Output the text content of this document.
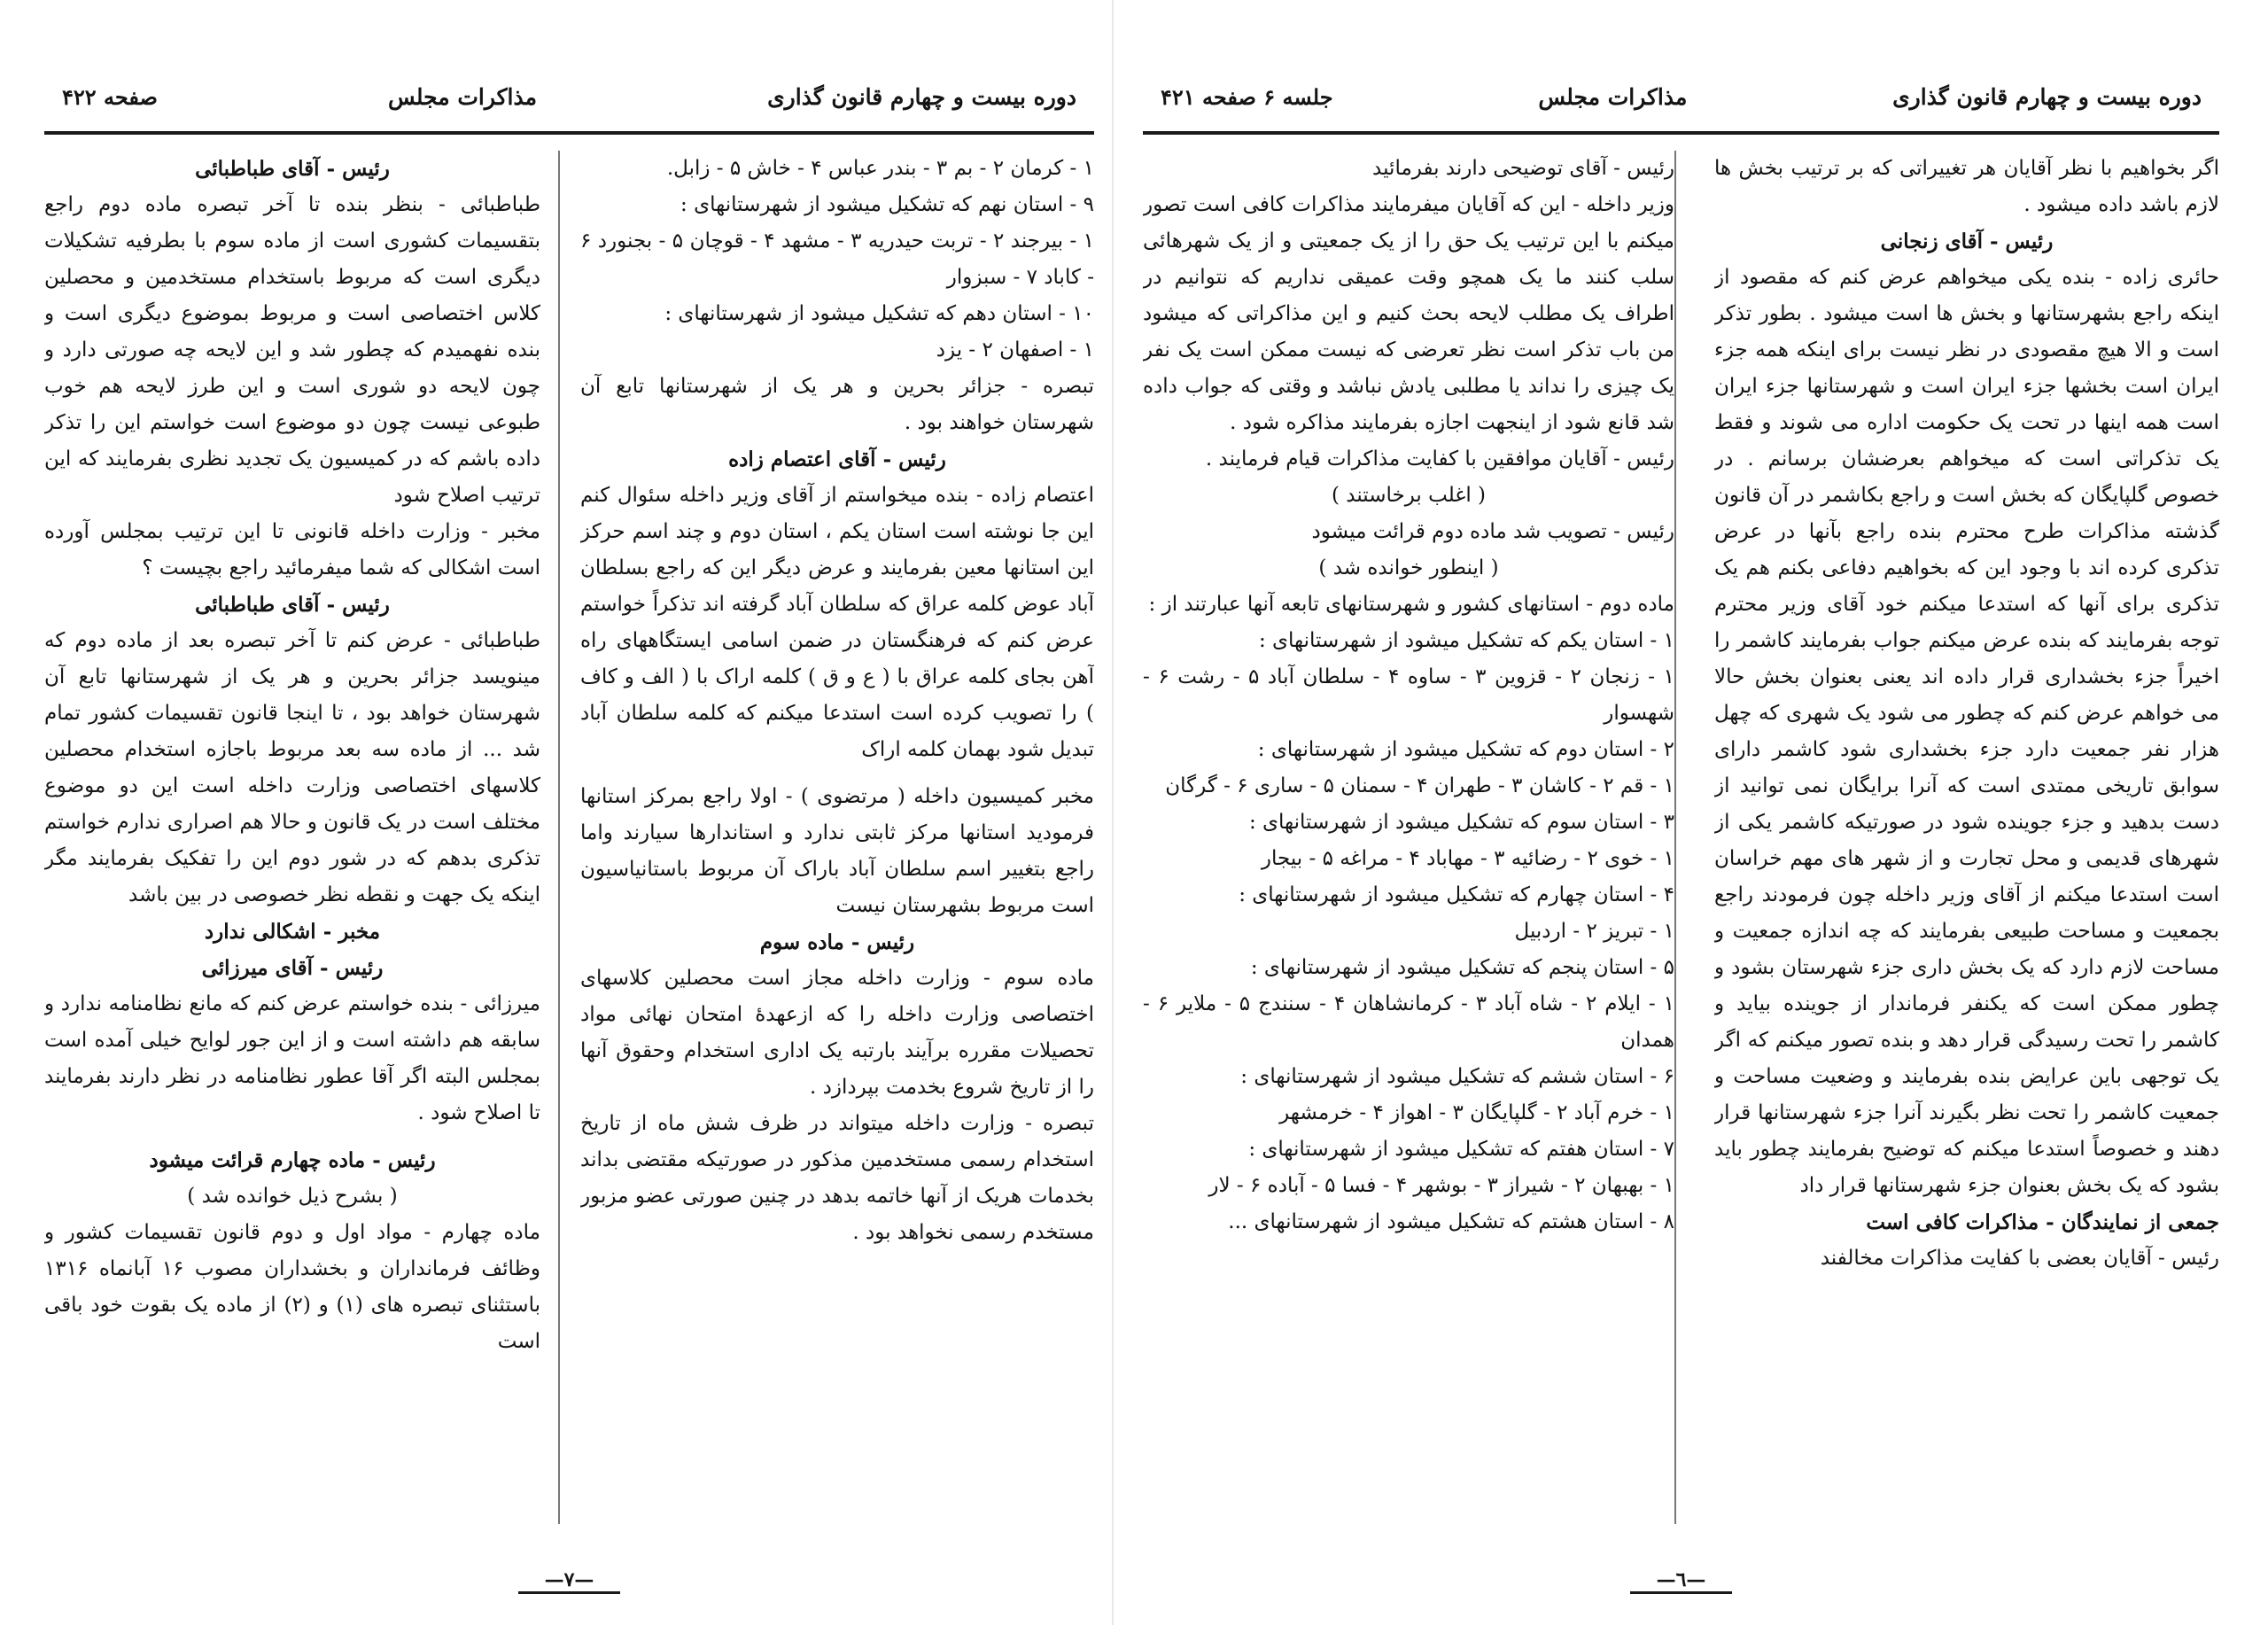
دوره بیست و چهارم قانون گذاری
مذاکرات مجلس
صفحه ۴۲۲

۱ - کرمان ۲ - بم ۳ - بندر عباس ۴ - خاش ۵ - زابل.

۹ - استان نهم که تشکیل میشود از شهرستانهای :

۱ - بیرجند ۲ - تربت حیدریه ۳ - مشهد ۴ - قوچان ۵ - بجنورد ۶ - کاباد ۷ - سبزوار

۱۰ - استان دهم که تشکیل میشود از شهرستانهای :

۱ - اصفهان ۲ - یزد

تبصره - جزائر بحرین و هر یک از شهرستانها تابع آن شهرستان خواهند بود .

رئیس - آقای اعتصام زاده

اعتصام زاده - بنده میخواستم از آقای وزیر داخله سئوال کنم این جا نوشته است استان یکم ، استان دوم و چند اسم حرکز این استانها معین بفرمایند و عرض دیگر این که راجع بسلطان آباد عوض کلمه عراق که سلطان آباد گرفته اند تذکراً خواستم عرض کنم که فرهنگستان در ضمن اسامی ایستگاههای راه آهن بجای کلمه عراق با ( ع و ق ) کلمه اراک با ( الف و کاف ) را تصویب کرده است استدعا میکنم که کلمه سلطان آباد تبدیل شود بهمان کلمه اراک

مخبر کمیسیون داخله ( مرتضوی ) - اولا راجع بمرکز استانها فرمودید استانها مرکز ثابتی ندارد و استاندارها سیارند واما راجع بتغییر اسم سلطان آباد باراک آن مربوط باستانیاسیون است مربوط بشهرستان نیست

رئیس - ماده سوم

ماده سوم - وزارت داخله مجاز است محصلین کلاسهای اختصاصی وزارت داخله را که ازعهدهٔ امتحان نهائی مواد تحصیلات مقرره برآیند بارتبه یک اداری استخدام وحقوق آنها را از تاریخ شروع بخدمت بپردازد .

تبصره - وزارت داخله میتواند در ظرف شش ماه از تاریخ استخدام رسمی مستخدمین مذکور در صورتیکه مقتضی بداند بخدمات هریک از آنها خاتمه بدهد در چنین صورتی عضو مزبور مستخدم رسمی نخواهد بود .

رئیس - آقای طباطبائی

طباطبائی - بنظر بنده تا آخر تبصره ماده دوم راجع بتقسیمات کشوری است از ماده سوم با بطرفیه تشکیلات دیگری است که مربوط باستخدام مستخدمین و محصلین کلاس اختصاصی است و مربوط بموضوع دیگری است و بنده نفهمیدم که چطور شد و این لایحه چه صورتی دارد و چون لایحه دو شوری است و این طرز لایحه هم خوب طبوعی نیست چون دو موضوع است خواستم این را تذکر داده باشم که در کمیسیون یک تجدید نظری بفرمایند که این ترتیب اصلاح شود

مخبر - وزارت داخله قانونی تا این ترتیب بمجلس آورده است اشکالی که شما میفرمائید راجع بچیست ؟

رئیس - آقای طباطبائی

طباطبائی - عرض کنم تا آخر تبصره بعد از ماده دوم که مینویسد جزائر بحرین و هر یک از شهرستانها تابع آن شهرستان خواهد بود ، تا اینجا قانون تقسیمات کشور تمام شد ... از ماده سه بعد مربوط باجازه استخدام محصلین کلاسهای اختصاصی وزارت داخله است این دو موضوع مختلف است در یک قانون و حالا هم اصراری ندارم خواستم تذکری بدهم که در شور دوم این را تفکیک بفرمایند مگر اینکه یک جهت و نقطه نظر خصوصی در بین باشد

مخبر - اشکالی ندارد

رئیس - آقای میرزائی

میرزائی - بنده خواستم عرض کنم که مانع نظامنامه ندارد و سابقه هم داشته است و از این جور لوایح خیلی آمده است بمجلس البته اگر آقا عطور نظامنامه در نظر دارند بفرمایند تا اصلاح شود .

رئیس - ماده چهارم قرائت میشود

( بشرح ذیل خوانده شد )

ماده چهارم - مواد اول و دوم قانون تقسیمات کشور و وظائف فرمانداران و بخشداران مصوب ۱۶ آبانماه ۱۳۱۶ باستثنای تبصره های (۱) و (۲) از ماده یک بقوت خود باقی است

—٧—
دوره بیست و چهارم قانون گذاری
مذاکرات مجلس
جلسه ۶ صفحه ۴۲۱

اگر بخواهیم با نظر آقایان هر تغییراتی که بر ترتیب بخش ها لازم باشد داده میشود .

رئیس - آقای زنجانی

حائری زاده - بنده یکی میخواهم عرض کنم که مقصود از اینکه راجع بشهرستانها و بخش ها است میشود . بطور تذکر است و الا هیچ مقصودی در نظر نیست برای اینکه همه جزء ایران است بخشها جزء ایران است و شهرستانها جزء ایران است همه اینها در تحت یک حکومت اداره می شوند و فقط یک تذکراتی است که میخواهم بعرضشان برسانم . در خصوص گلپایگان که بخش است و راجع بکاشمر در آن قانون گذشته مذاکرات طرح محترم بنده راجع بآنها در عرض تذکری کرده اند با وجود این که بخواهیم دفاعی بکنم هم یک تذکری برای آنها که استدعا میکنم خود آقای وزیر محترم توجه بفرمایند که بنده عرض میکنم جواب بفرمایند کاشمر را اخیراً جزء بخشداری قرار داده اند یعنی بعنوان بخش حالا می خواهم عرض کنم که چطور می شود یک شهری که چهل هزار نفر جمعیت دارد جزء بخشداری شود کاشمر دارای سوابق تاریخی ممتدی است که آنرا برایگان نمی توانید از دست بدهید و جزء جوینده شود در صورتیکه کاشمر یکی از شهرهای قدیمی و محل تجارت و از شهر های مهم خراسان است استدعا میکنم از آقای وزیر داخله چون فرمودند راجع بجمعیت و مساحت طبیعی بفرمایند که چه اندازه جمعیت و مساحت لازم دارد که یک بخش داری جزء شهرستان بشود و چطور ممکن است که یکنفر فرماندار از جوینده بیاید و کاشمر را تحت رسیدگی قرار دهد و بنده تصور میکنم که اگر یک توجهی باین عرایض بنده بفرمایند و وضعیت مساحت و جمعیت کاشمر را تحت نظر بگیرند آنرا جزء شهرستانها قرار دهند و خصوصاً استدعا میکنم که توضیح بفرمایند چطور باید بشود که یک بخش بعنوان جزء شهرستانها قرار داد

جمعی از نمایندگان - مذاکرات کافی است

رئیس - آقایان بعضی با کفایت مذاکرات مخالفند

رئیس - آقای توضیحی دارند بفرمائید

وزیر داخله - این که آقایان میفرمایند مذاکرات کافی است تصور میکنم با این ترتیب یک حق را از یک جمعیتی و از یک شهرهائی سلب کنند ما یک همچو وقت عمیقی نداریم که نتوانیم در اطراف یک مطلب لایحه بحث کنیم و این مذاکراتی که میشود من باب تذکر است نظر تعرضی که نیست ممکن است یک نفر یک چیزی را نداند یا مطلبی یادش نباشد و وقتی که جواب داده شد قانع شود از اینجهت اجازه بفرمایند مذاکره شود .

رئیس - آقایان موافقین با کفایت مذاکرات قیام فرمایند .

( اغلب برخاستند )

رئیس - تصویب شد ماده دوم قرائت میشود

( اینطور خوانده شد )

ماده دوم - استانهای کشور و شهرستانهای تابعه آنها عبارتند از :

۱ - استان یکم که تشکیل میشود از شهرستانهای :

۱ - زنجان ۲ - قزوین ۳ - ساوه ۴ - سلطان آباد ۵ - رشت ۶ - شهسوار

۲ - استان دوم که تشکیل میشود از شهرستانهای :

۱ - قم ۲ - کاشان ۳ - طهران ۴ - سمنان ۵ - ساری ۶ - گرگان

۳ - استان سوم که تشکیل میشود از شهرستانهای :

۱ - خوی ۲ - رضائیه ۳ - مهاباد ۴ - مراغه ۵ - بیجار

۴ - استان چهارم که تشکیل میشود از شهرستانهای :

۱ - تبریز ۲ - اردبیل

۵ - استان پنجم که تشکیل میشود از شهرستانهای :

۱ - ایلام ۲ - شاه آباد ۳ - کرمانشاهان ۴ - سنندج ۵ - ملایر ۶ - همدان

۶ - استان ششم که تشکیل میشود از شهرستانهای :

۱ - خرم آباد ۲ - گلپایگان ۳ - اهواز ۴ - خرمشهر

۷ - استان هفتم که تشکیل میشود از شهرستانهای :

۱ - بهبهان ۲ - شیراز ۳ - بوشهر ۴ - فسا ۵ - آباده ۶ - لار

۸ - استان هشتم که تشکیل میشود از شهرستانهای ...

—٦—
